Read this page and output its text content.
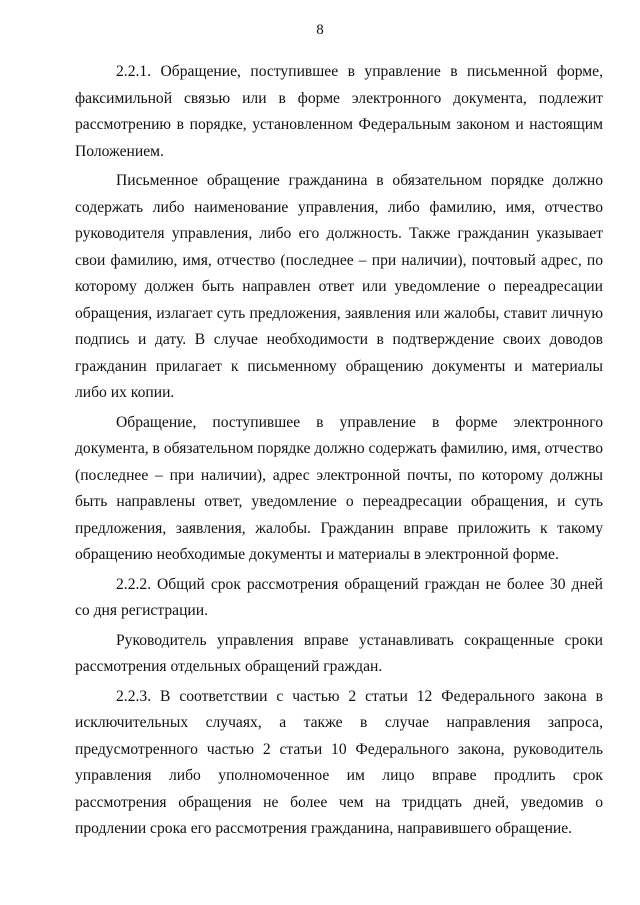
8

2.2.1. Обращение, поступившее в управление в письменной форме, факсимильной связью или в форме электронного документа, подлежит рассмотрению в порядке, установленном Федеральным законом и настоящим Положением.

Письменное обращение гражданина в обязательном порядке должно содержать либо наименование управления, либо фамилию, имя, отчество руководителя управления, либо его должность. Также гражданин указывает свои фамилию, имя, отчество (последнее – при наличии), почтовый адрес, по которому должен быть направлен ответ или уведомление о переадресации обращения, излагает суть предложения, заявления или жалобы, ставит личную подпись и дату. В случае необходимости в подтверждение своих доводов гражданин прилагает к письменному обращению документы и материалы либо их копии.

Обращение, поступившее в управление в форме электронного документа, в обязательном порядке должно содержать фамилию, имя, отчество (последнее – при наличии), адрес электронной почты, по которому должны быть направлены ответ, уведомление о переадресации обращения, и суть предложения, заявления, жалобы. Гражданин вправе приложить к такому обращению необходимые документы и материалы в электронной форме.

2.2.2. Общий срок рассмотрения обращений граждан не более 30 дней со дня регистрации.

Руководитель управления вправе устанавливать сокращенные сроки рассмотрения отдельных обращений граждан.

2.2.3. В соответствии с частью 2 статьи 12 Федерального закона в исключительных случаях, а также в случае направления запроса, предусмотренного частью 2 статьи 10 Федерального закона, руководитель управления либо уполномоченное им лицо вправе продлить срок рассмотрения обращения не более чем на тридцать дней, уведомив о продлении срока его рассмотрения гражданина, направившего обращение.
